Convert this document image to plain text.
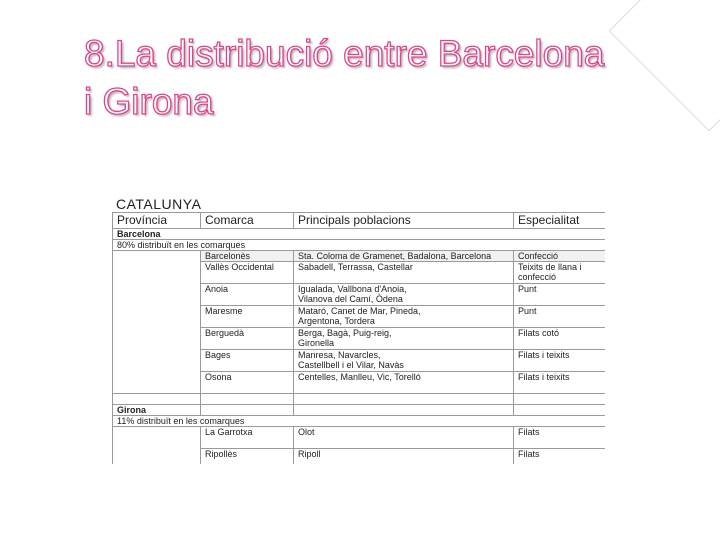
8.La distribució entre Barcelona
i Girona
CATALUNYA
Província	Comarca	Principals poblacions	Especialitat
Barcelona			
80% distribuït en les comarques			
	Barcelonès	Sta. Coloma de Gramenet, Badalona, Barcelona	Confecció
	Vallès Occidental	Sabadell, Terrassa, Castellar	Teixits de llana i
confecció
	Anoia	Igualada, Vallbona d'Anoia,
Vilanova del Camí, Òdena	Punt
	Maresme	Mataró, Canet de Mar, Pineda,
Argentona, Tordera	Punt
	Berguedà	Berga, Bagà, Puig-reig,
Gironella	Filats cotó
	Bages	Manresa, Navarcles,
Castellbell i el Vilar, Navàs	Filats i teixits
	Osona	Centelles, Manlleu, Vic, Torelló	Filats i teixits

Girona			
11% distribuït en les comarques			
	La Garrotxa	Olot	Filats
	Ripollès	Ripoll	Filats
